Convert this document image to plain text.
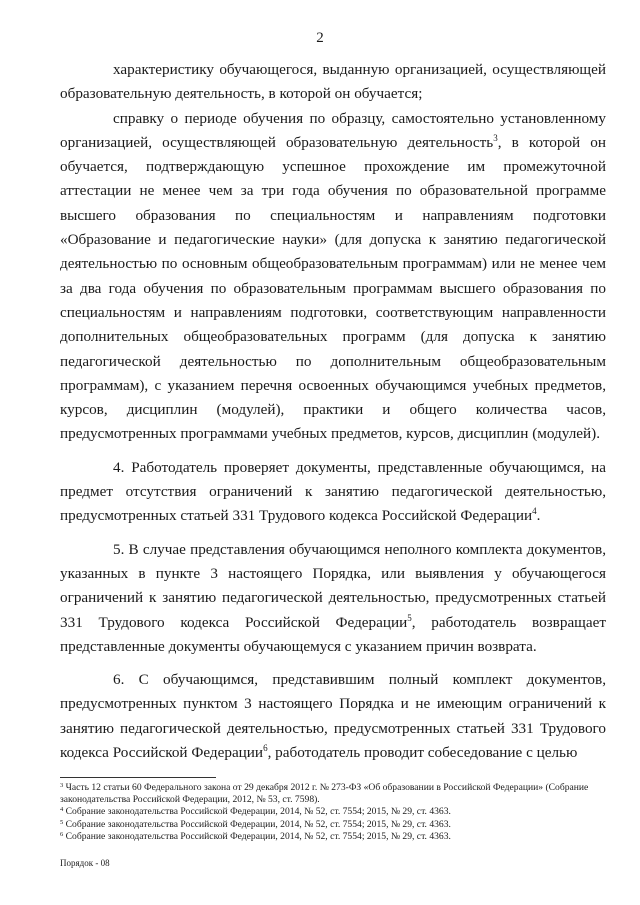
2

характеристику обучающегося, выданную организацией, осуществляющей образовательную деятельность, в которой он обучается;

справку о периоде обучения по образцу, самостоятельно установленному организацией, осуществляющей образовательную деятельность$^3$, в которой он обучается, подтверждающую успешное прохождение им промежуточной аттестации не менее чем за три года обучения по образовательной программе высшего образования по специальностям и направлениям подготовки «Образование и педагогические науки» (для допуска к занятию педагогической деятельностью по основным общеобразовательным программам) или не менее чем за два года обучения по образовательным программам высшего образования по специальностям и направлениям подготовки, соответствующим направленности дополнительных общеобразовательных программ (для допуска к занятию педагогической деятельностью по дополнительным общеобразовательным программам), с указанием перечня освоенных обучающимся учебных предметов, курсов, дисциплин (модулей), практики и общего количества часов, предусмотренных программами учебных предметов, курсов, дисциплин (модулей).

4. Работодатель проверяет документы, представленные обучающимся, на предмет отсутствия ограничений к занятию педагогической деятельностью, предусмотренных статьей 331 Трудового кодекса Российской Федерации$^4$.

5. В случае представления обучающимся неполного комплекта документов, указанных в пункте 3 настоящего Порядка, или выявления у обучающегося ограничений к занятию педагогической деятельностью, предусмотренных статьей 331 Трудового кодекса Российской Федерации$^5$, работодатель возвращает представленные документы обучающемуся с указанием причин возврата.

6. С обучающимся, представившим полный комплект документов, предусмотренных пунктом 3 настоящего Порядка и не имеющим ограничений к занятию педагогической деятельностью, предусмотренных статьей 331 Трудового кодекса Российской Федерации$^6$, работодатель проводит собеседование с целью

$^3$ Часть 12 статьи 60 Федерального закона от 29 декабря 2012 г. № 273-ФЗ «Об образовании в Российской Федерации» (Собрание законодательства Российской Федерации, 2012, № 53, ст. 7598).

$^4$ Собрание законодательства Российской Федерации, 2014, № 52, ст. 7554; 2015, № 29, ст. 4363.

$^5$ Собрание законодательства Российской Федерации, 2014, № 52, ст. 7554; 2015, № 29, ст. 4363.

$^6$ Собрание законодательства Российской Федерации, 2014, № 52, ст. 7554; 2015, № 29, ст. 4363.

Порядок - 08
